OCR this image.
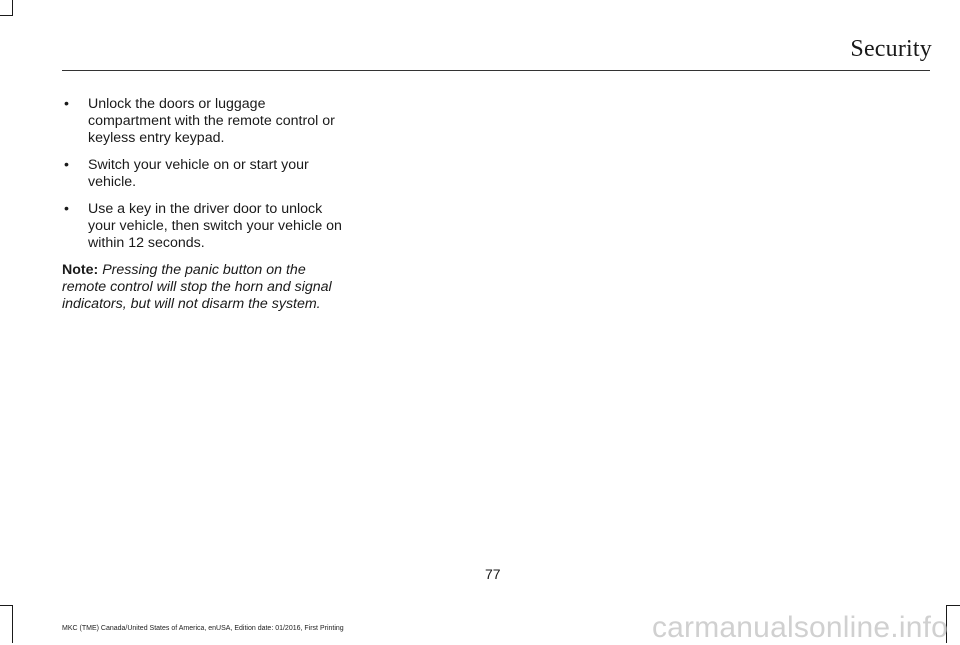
Security
• Unlock the doors or luggage compartment with the remote control or keyless entry keypad.
• Switch your vehicle on or start your vehicle.
• Use a key in the driver door to unlock your vehicle, then switch your vehicle on within 12 seconds.

Note: Pressing the panic button on the remote control will stop the horn and signal indicators, but will not disarm the system.

77
MKC (TME) Canada/United States of America, enUSA, Edition date: 01/2016, First Printing	carmanualsonline.info
